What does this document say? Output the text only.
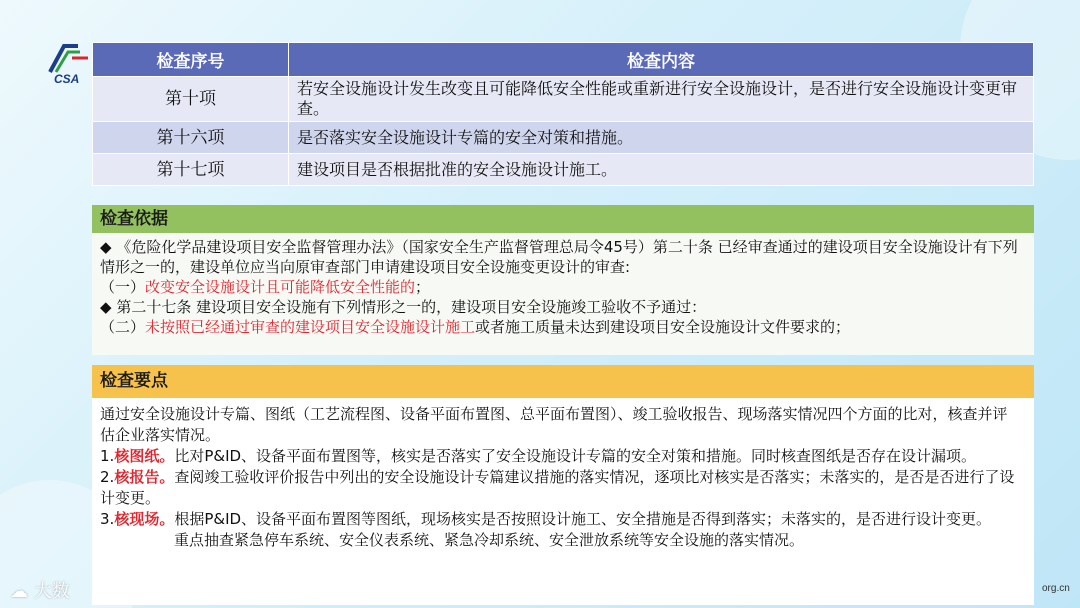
CSA
检查序号	检查内容
第十项	若安全设施设计发生改变且可能降低安全性能或重新进行安全设施设计，是否进行安全设施设计变更审查。
第十六项	是否落实安全设施设计专篇的安全对策和措施。
第十七项	建设项目是否根据批准的安全设施设计施工。
检查依据

◆ 《危险化学品建设项目安全监督管理办法》（国家安全生产监督管理总局令45号）第二十条 已经审查通过的建设项目安全设施设计有下列情形之一的，建设单位应当向原审查部门申请建设项目安全设施变更设计的审查:

（一）改变安全设施设计且可能降低安全性能的；

◆ 第二十七条 建设项目安全设施有下列情形之一的，建设项目安全设施竣工验收不予通过：

（二）未按照已经通过审查的建设项目安全设施设计施工或者施工质量未达到建设项目安全设施设计文件要求的；

检查要点

通过安全设施设计专篇、图纸（工艺流程图、设备平面布置图、总平面布置图）、竣工验收报告、现场落实情况四个方面的比对，核查并评估企业落实情况。

1.核图纸。比对P&ID、设备平面布置图等，核实是否落实了安全设施设计专篇的安全对策和措施。同时核查图纸是否存在设计漏项。

2.核报告。查阅竣工验收评价报告中列出的安全设施设计专篇建议措施的落实情况，逐项比对核实是否落实；未落实的，是否是否进行了设计变更。

3.核现场。根据P&ID、设备平面布置图等图纸，现场核实是否按照设计施工、安全措施是否得到落实；未落实的，是否进行设计变更。

重点抽查紧急停车系统、安全仪表系统、紧急冷却系统、安全泄放系统等安全设施的落实情况。

☁ 大数	org.cn
